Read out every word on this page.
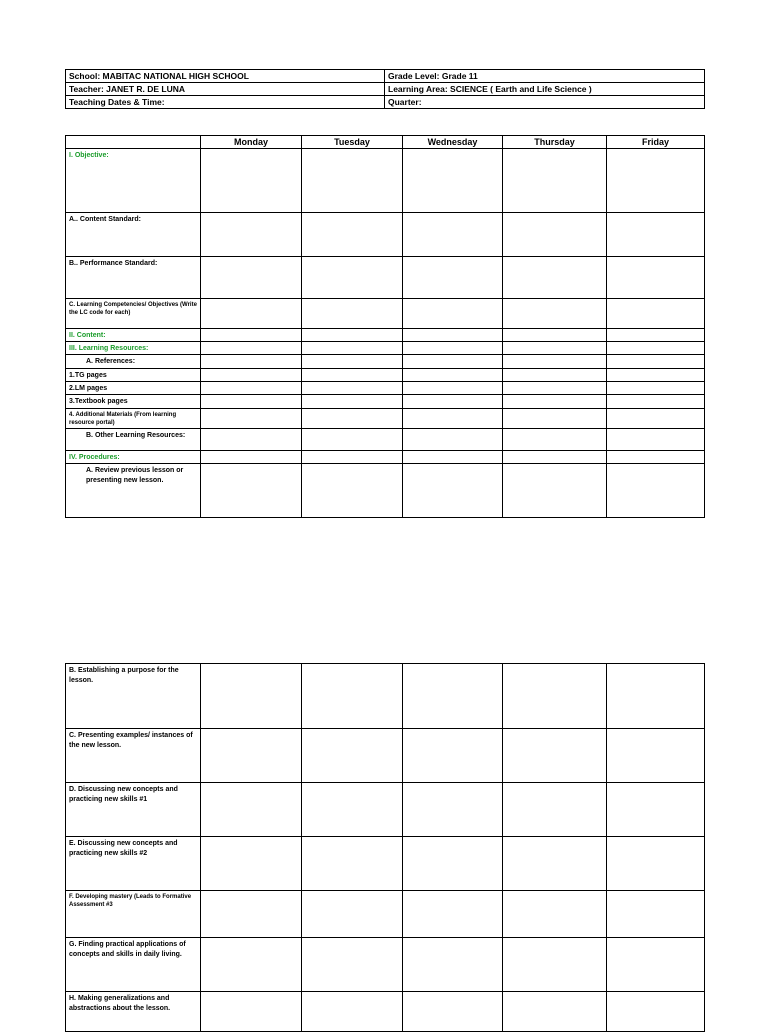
School: MABITAC NATIONAL HIGH SCHOOL	Grade Level: Grade 11
Teacher: JANET R. DE LUNA	Learning Area: SCIENCE ( Earth and Life Science )
Teaching Dates & Time:	Quarter:
	Monday	Tuesday	Wednesday	Thursday	Friday
I. Objective:					
A.. Content Standard:					
B.. Performance Standard:					
C. Learning Competencies/ Objectives (Write the LC code for each)					
II. Content:					
III. Learning Resources:					
A. References:					
1.TG pages					
2.LM pages					
3.Textbook pages					
4. Additional Materials (From learning resource portal)					
B. Other Learning Resources:					
IV. Procedures:					
A. Review previous lesson or presenting new lesson.					
B. Establishing a purpose for the lesson.					
C. Presenting examples/ instances of the new lesson.					
D. Discussing new concepts and practicing new skills #1					
E. Discussing new concepts and practicing new skills #2					
F. Developing mastery (Leads to Formative Assessment #3					
G. Finding practical applications of concepts and skills in daily living.					
H. Making generalizations and abstractions about the lesson.					
